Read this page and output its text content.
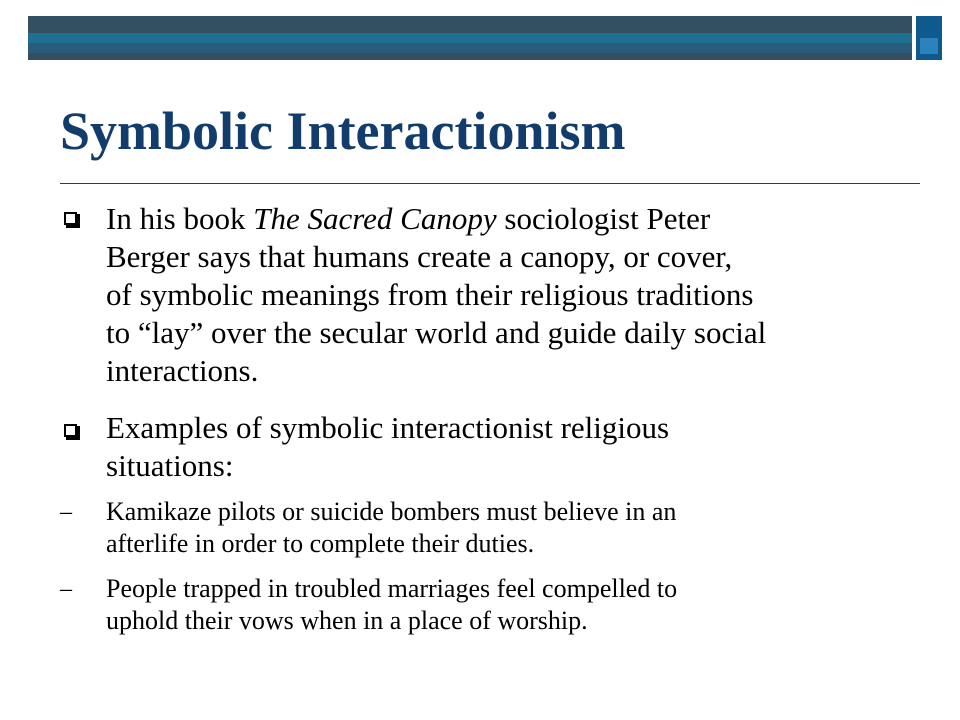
Symbolic Interactionism
In his book The Sacred Canopy sociologist Peter
Berger says that humans create a canopy, or cover,
of symbolic meanings from their religious traditions
to “lay” over the secular world and guide daily social
interactions.
Examples of symbolic interactionist religious
situations:
– Kamikaze pilots or suicide bombers must believe in an
afterlife in order to complete their duties.
– People trapped in troubled marriages feel compelled to
uphold their vows when in a place of worship.
